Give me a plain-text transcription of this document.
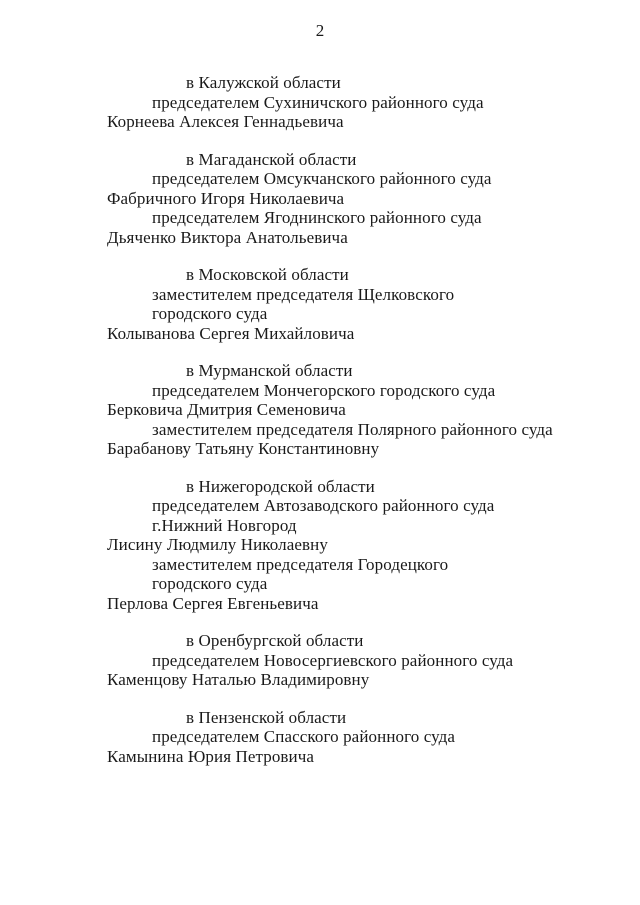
2
в Калужской области
председателем Сухиничского районного суда
Корнеева Алексея Геннадьевича
в Магаданской области
председателем Омсукчанского районного суда
Фабричного Игоря Николаевича
председателем Ягоднинского районного суда
Дьяченко Виктора Анатольевича
в Московской области
заместителем председателя Щелковского
городского суда
Колыванова Сергея Михайловича
в Мурманской области
председателем Мончегорского городского суда
Берковича Дмитрия Семеновича
заместителем председателя Полярного районного суда
Барабанову Татьяну Константиновну
в Нижегородской области
председателем Автозаводского районного суда
г.Нижний Новгород
Лисину Людмилу Николаевну
заместителем председателя Городецкого
городского суда
Перлова Сергея Евгеньевича
в Оренбургской области
председателем Новосергиевского районного суда
Каменцову Наталью Владимировну
в Пензенской области
председателем Спасского районного суда
Камынина Юрия Петровича
